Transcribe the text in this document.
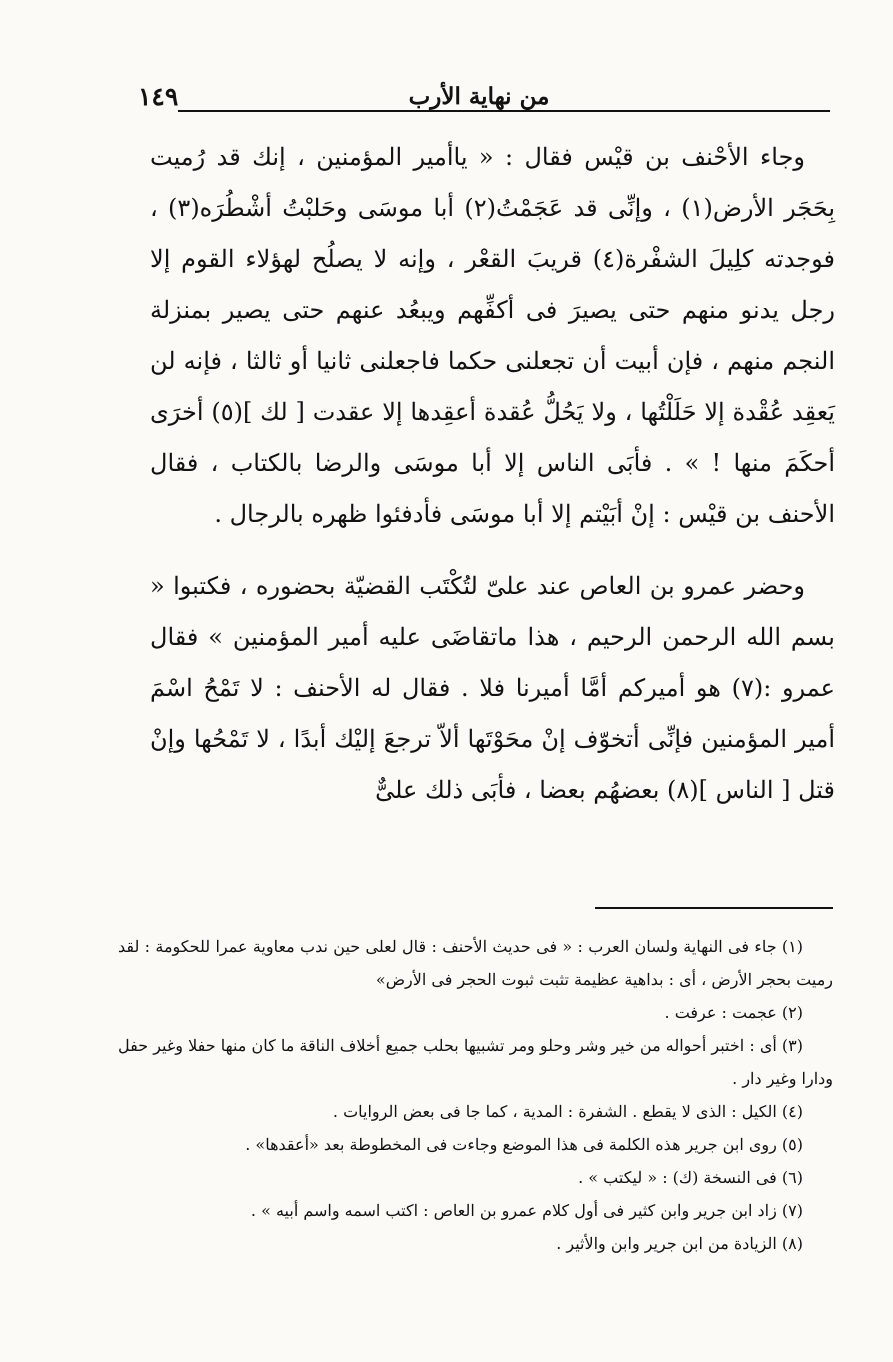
من نهاية الأرب
١٤٩

وجاء الأحْنف بن قيْس فقال : « ياأمير المؤمنين ، إنك قد رُميت بِحَجَر الأرض(١) ، وإنِّى قد عَجَمْتُ(٢) أبا موسَى وحَلبْتُ أشْطُرَه(٣) ، فوجدته كلِيلَ الشفْرة(٤) قريبَ القعْر ، وإنه لا يصلُح لهؤلاء القوم إلا رجل يدنو منهم حتى يصيرَ فى أكفِّهم ويبعُد عنهم حتى يصير بمنزلة النجم منهم ، فإن أبيت أن تجعلنى حكما فاجعلنى ثانيا أو ثالثا ، فإنه لن يَعقِد عُقْدة إلا حَلَلْتُها ، ولا يَحُلُّ عُقدة أعقِدها إلا عقدت [ لك ](٥) أخرَى أحكَمَ منها ! » . فأبَى الناس إلا أبا موسَى والرضا بالكتاب ، فقال الأحنف بن قيْس : إنْ أبَيْتم إلا أبا موسَى فأدفئوا ظهره بالرجال .

وحضر عمرو بن العاص عند علىّ لتُكْتَب القضيّة بحضوره ، فكتبوا « بسم الله الرحمن الرحيم ، هذا ماتقاضَى عليه أمير المؤمنين » فقال عمرو :(٧) هو أميركم أمَّا أميرنا فلا . فقال له الأحنف : لا تَمْحُ اسْمَ أمير المؤمنين فإنِّى أتخوّف إنْ محَوْتَها ألاّ ترجعَ إليْك أبدًا ، لا تَمْحُها وإنْ قتل [ الناس ](٨) بعضهُم بعضا ، فأبَى ذلك علىٌّ

(١) جاء فى النهاية ولسان العرب : « فى حديث الأحنف : قال لعلى حين ندب معاوية عمرا للحكومة : لقد رميت بحجر الأرض ، أى : بداهية عظيمة تثبت ثبوت الحجر فى الأرض»

(٢) عجمت : عرفت .

(٣) أى : اختبر أحواله من خير وشر وحلو ومر تشبيها بحلب جميع أخلاف الناقة ما كان منها حفلا وغير حفل ودارا وغير دار .

(٤) الكيل : الذى لا يقطع . الشفرة : المدية ، كما جا فى بعض الروايات .

(٥) روى ابن جرير هذه الكلمة فى هذا الموضع وجاءت فى المخطوطة بعد «أعقدها» .

(٦) فى النسخة (ك) : « ليكتب » .

(٧) زاد ابن جرير وابن كثير فى أول كلام عمرو بن العاص : اكتب اسمه واسم أبيه » .

(٨) الزيادة من ابن جرير وابن والأثير .
